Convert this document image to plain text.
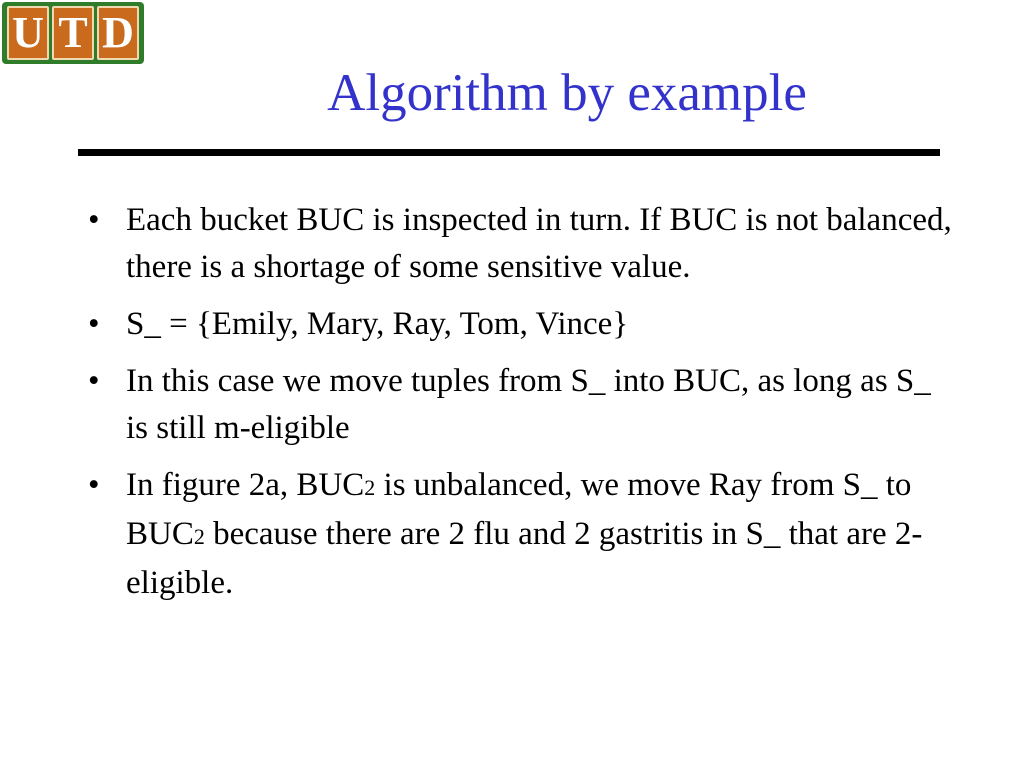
U T D
Algorithm by example
• Each bucket BUC is inspected in turn. If BUC is not balanced, there is a shortage of some sensitive value.
• S_ = {Emily, Mary, Ray, Tom, Vince}
• In this case we move tuples from S_ into BUC, as long as S_ is still m-eligible
• In figure 2a, BUC2 is unbalanced, we move Ray from S_ to BUC2 because there are 2 flu and 2 gastritis in S_ that are 2-eligible.
